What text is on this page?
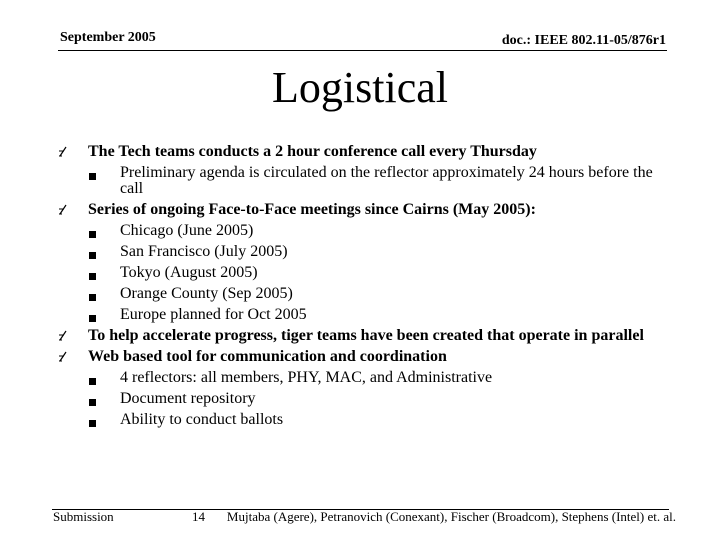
September 2005	doc.: IEEE 802.11-05/876r1
Logistical
The Tech teams conducts a 2 hour conference call every Thursday
Preliminary agenda is circulated on the reflector approximately 24 hours before the call
Series of ongoing Face-to-Face meetings since Cairns (May 2005):
Chicago (June 2005)
San Francisco (July 2005)
Tokyo (August 2005)
Orange County (Sep 2005)
Europe planned for Oct 2005
To help accelerate progress, tiger teams have been created that operate in parallel
Web based tool for communication and coordination
4 reflectors: all members, PHY, MAC, and Administrative
Document repository
Ability to conduct ballots
Submission	14 Mujtaba (Agere), Petranovich (Conexant), Fischer (Broadcom), Stephens (Intel) et. al.
